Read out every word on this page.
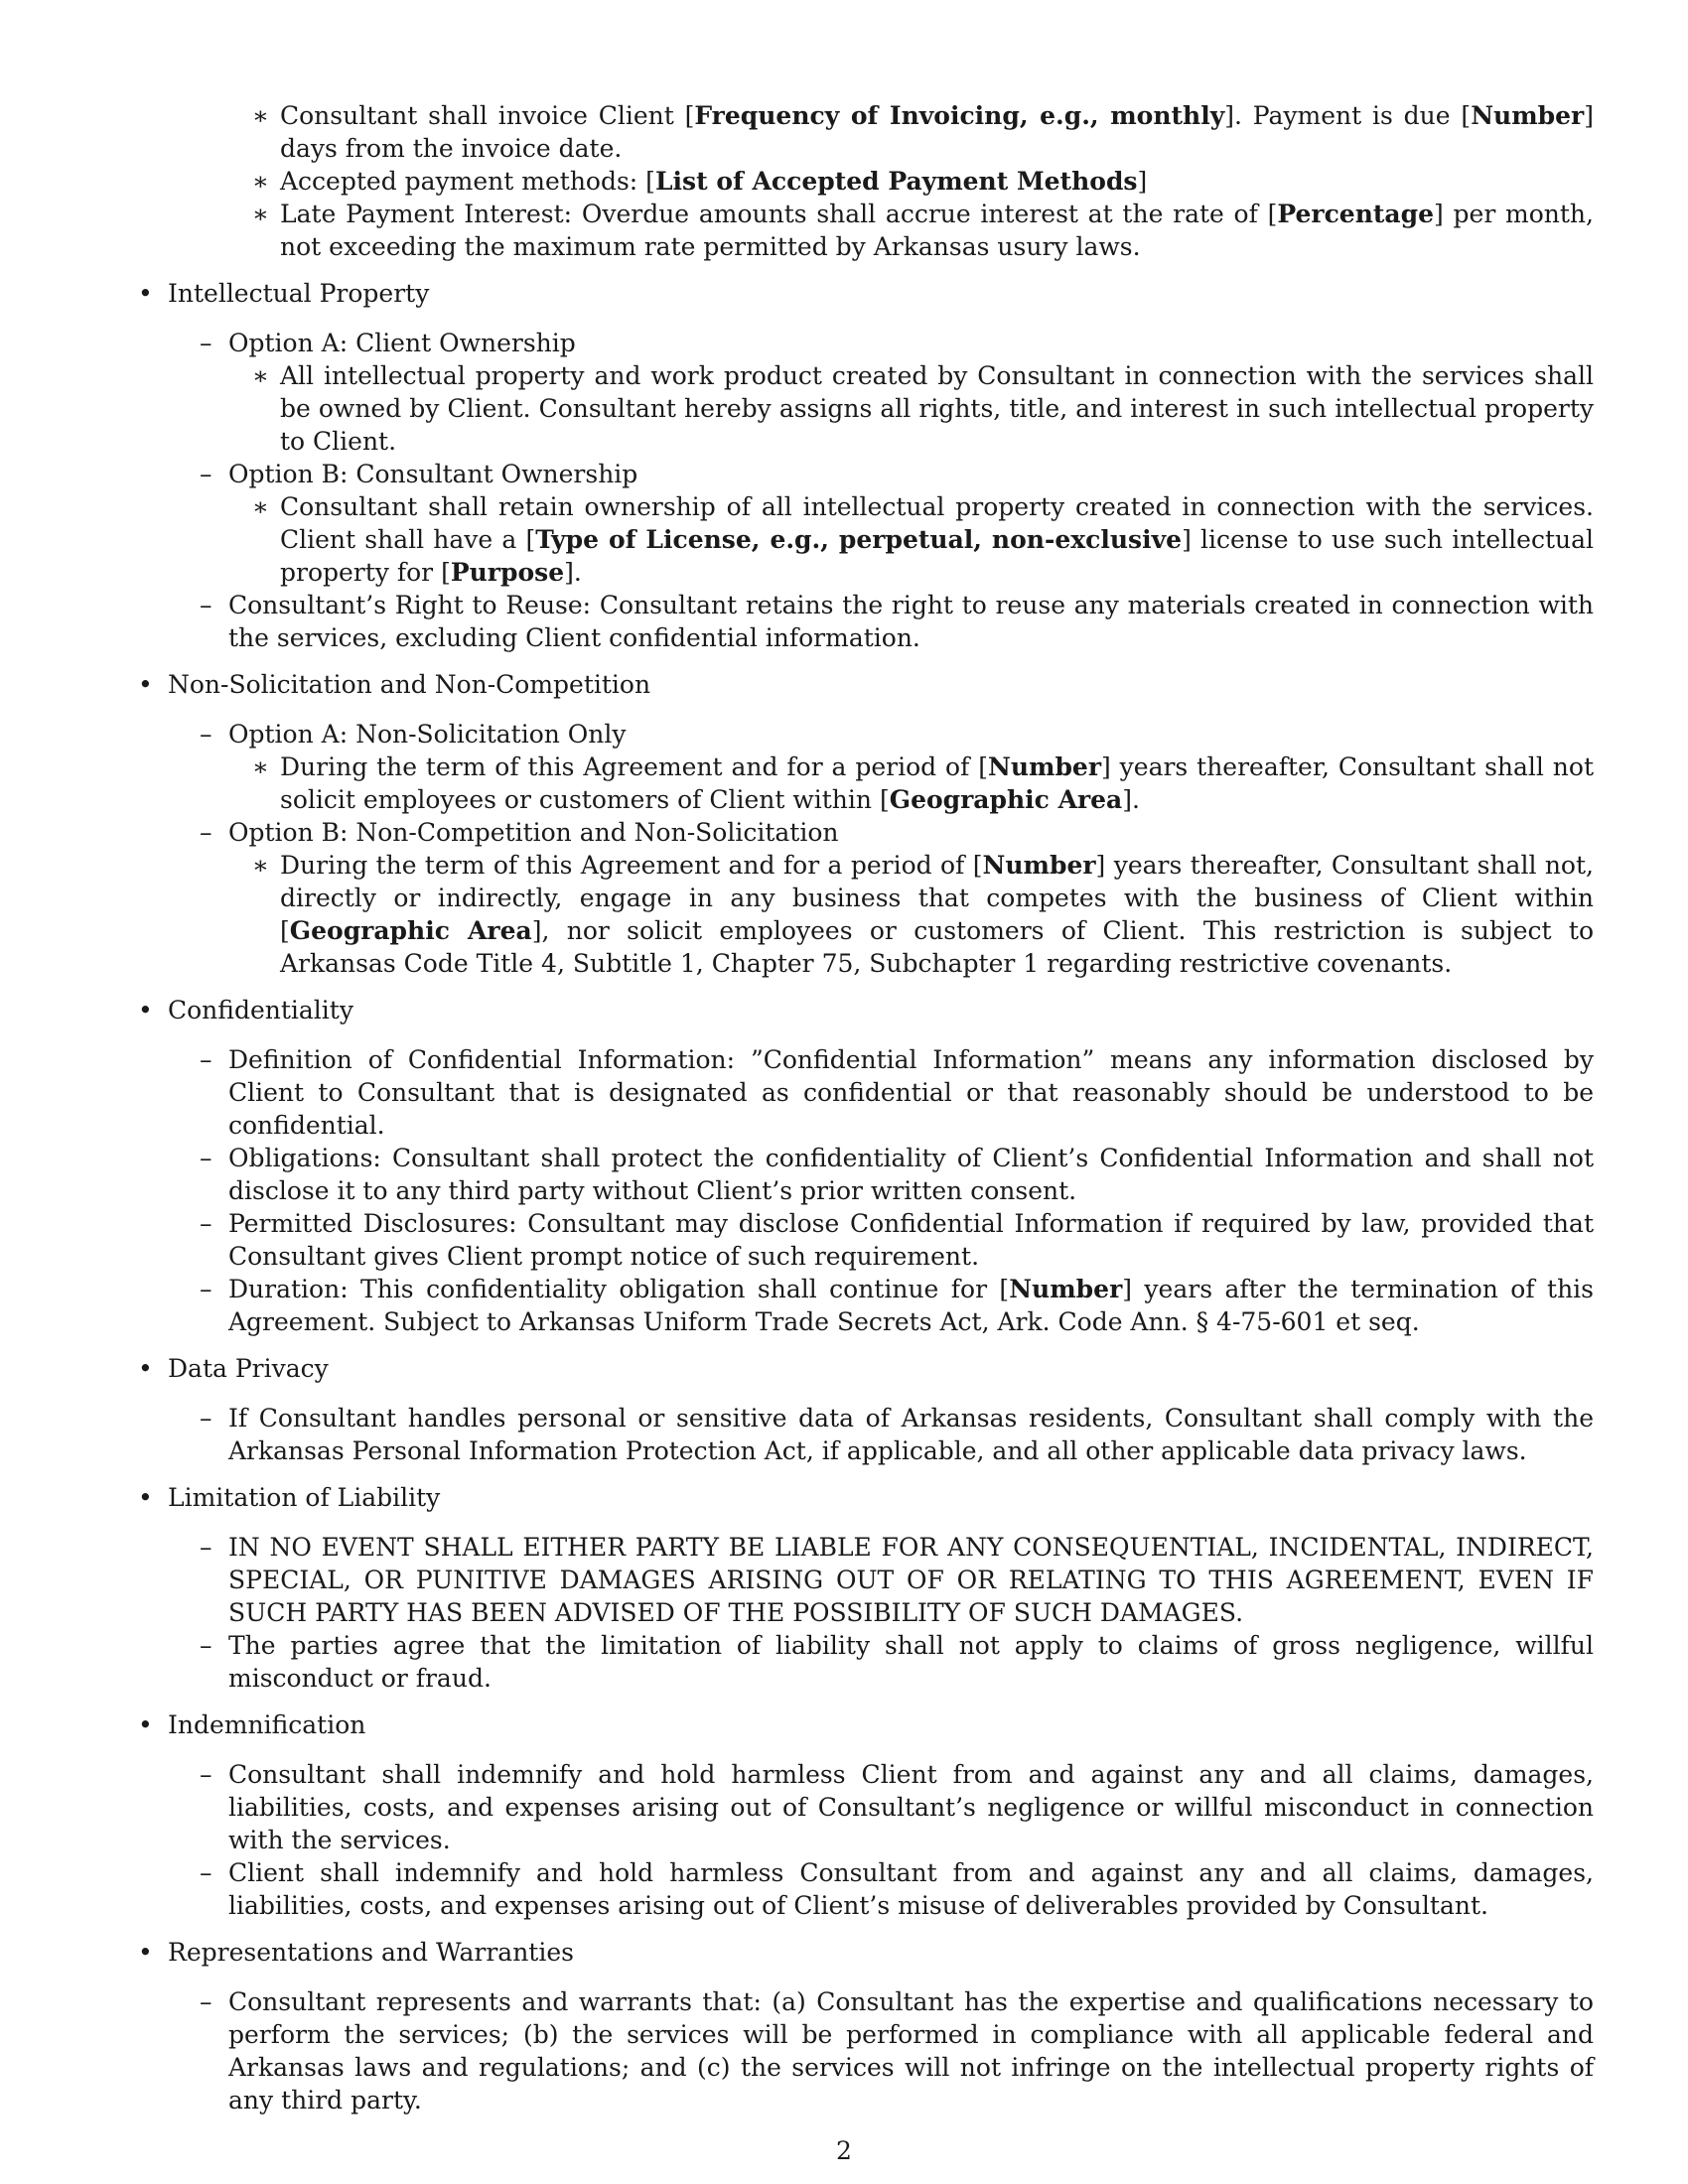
∗ Consultant shall invoice Client [Frequency of Invoicing, e.g., monthly]. Payment is due [Number] days from the invoice date.
∗ Accepted payment methods: [List of Accepted Payment Methods]
∗ Late Payment Interest: Overdue amounts shall accrue interest at the rate of [Percentage] per month, not exceeding the maximum rate permitted by Arkansas usury laws.
• Intellectual Property
– Option A: Client Ownership
∗ All intellectual property and work product created by Consultant in connection with the services shall be owned by Client. Consultant hereby assigns all rights, title, and interest in such intellectual property to Client.
– Option B: Consultant Ownership
∗ Consultant shall retain ownership of all intellectual property created in connection with the services. Client shall have a [Type of License, e.g., perpetual, non-exclusive] license to use such intellectual property for [Purpose].
– Consultant’s Right to Reuse: Consultant retains the right to reuse any materials created in connection with the services, excluding Client confidential information.
• Non-Solicitation and Non-Competition
– Option A: Non-Solicitation Only
∗ During the term of this Agreement and for a period of [Number] years thereafter, Consultant shall not solicit employees or customers of Client within [Geographic Area].
– Option B: Non-Competition and Non-Solicitation
∗ During the term of this Agreement and for a period of [Number] years thereafter, Consultant shall not, directly or indirectly, engage in any business that competes with the business of Client within [Geographic Area], nor solicit employees or customers of Client. This restriction is subject to Arkansas Code Title 4, Subtitle 1, Chapter 75, Subchapter 1 regarding restrictive covenants.
• Confidentiality
– Definition of Confidential Information: ”Confidential Information” means any information disclosed by Client to Consultant that is designated as confidential or that reasonably should be understood to be confidential.
– Obligations: Consultant shall protect the confidentiality of Client’s Confidential Information and shall not disclose it to any third party without Client’s prior written consent.
– Permitted Disclosures: Consultant may disclose Confidential Information if required by law, provided that Consultant gives Client prompt notice of such requirement.
– Duration: This confidentiality obligation shall continue for [Number] years after the termination of this Agreement. Subject to Arkansas Uniform Trade Secrets Act, Ark. Code Ann. § 4-75-601 et seq.
• Data Privacy
– If Consultant handles personal or sensitive data of Arkansas residents, Consultant shall comply with the Arkansas Personal Information Protection Act, if applicable, and all other applicable data privacy laws.
• Limitation of Liability
– IN NO EVENT SHALL EITHER PARTY BE LIABLE FOR ANY CONSEQUENTIAL, INCIDENTAL, INDIRECT, SPECIAL, OR PUNITIVE DAMAGES ARISING OUT OF OR RELATING TO THIS AGREEMENT, EVEN IF SUCH PARTY HAS BEEN ADVISED OF THE POSSIBILITY OF SUCH DAMAGES.
– The parties agree that the limitation of liability shall not apply to claims of gross negligence, willful misconduct or fraud.
• Indemnification
– Consultant shall indemnify and hold harmless Client from and against any and all claims, damages, liabilities, costs, and expenses arising out of Consultant’s negligence or willful misconduct in connection with the services.
– Client shall indemnify and hold harmless Consultant from and against any and all claims, damages, liabilities, costs, and expenses arising out of Client’s misuse of deliverables provided by Consultant.
• Representations and Warranties
– Consultant represents and warrants that: (a) Consultant has the expertise and qualifications necessary to perform the services; (b) the services will be performed in compliance with all applicable federal and Arkansas laws and regulations; and (c) the services will not infringe on the intellectual property rights of any third party.
2
